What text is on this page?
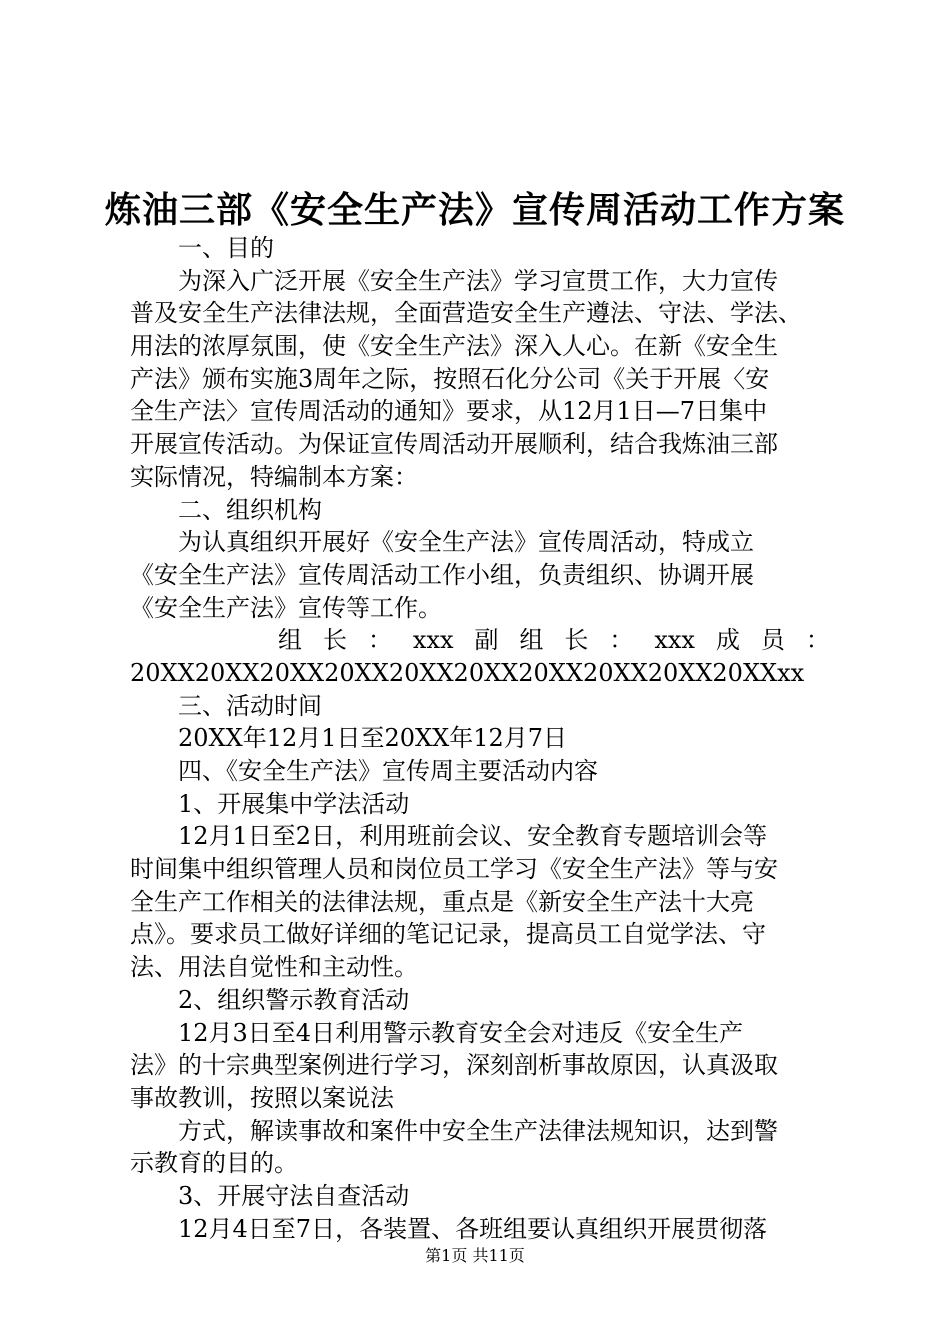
炼油三部《安全生产法》宣传周活动工作方案
一、目的
为深入广泛开展《安全生产法》学习宣贯工作，大力宣传
普及安全生产法律法规，全面营造安全生产遵法、守法、学法、
用法的浓厚氛围，使《安全生产法》深入人心。在新《安全生
产法》颁布实施3周年之际，按照石化分公司《关于开展〈安
全生产法〉宣传周活动的通知》要求，从12月1日—7日集中
开展宣传活动。为保证宣传周活动开展顺利，结合我炼油三部
实际情况，特编制本方案：
二、组织机构
为认真组织开展好《安全生产法》宣传周活动，特成立
《安全生产法》宣传周活动工作小组，负责组织、协调开展
《安全生产法》宣传等工作。
组 长 ： xxx 副 组 长 ： xxx 成 员 ：
20XX20XX20XX20XX20XX20XX20XX20XX20XX20XXxx
三、活动时间
20XX年12月1日至20XX年12月7日
四、《安全生产法》宣传周主要活动内容
1、开展集中学法活动
12月1日至2日，利用班前会议、安全教育专题培训会等
时间集中组织管理人员和岗位员工学习《安全生产法》等与安
全生产工作相关的法律法规，重点是《新安全生产法十大亮
点》。要求员工做好详细的笔记记录，提高员工自觉学法、守
法、用法自觉性和主动性。
2、组织警示教育活动
12月3日至4日利用警示教育安全会对违反《安全生产
法》的十宗典型案例进行学习，深刻剖析事故原因，认真汲取
事故教训，按照以案说法
方式，解读事故和案件中安全生产法律法规知识，达到警
示教育的目的。
3、开展守法自查活动
12月4日至7日，各装置、各班组要认真组织开展贯彻落
第1页 共11页
